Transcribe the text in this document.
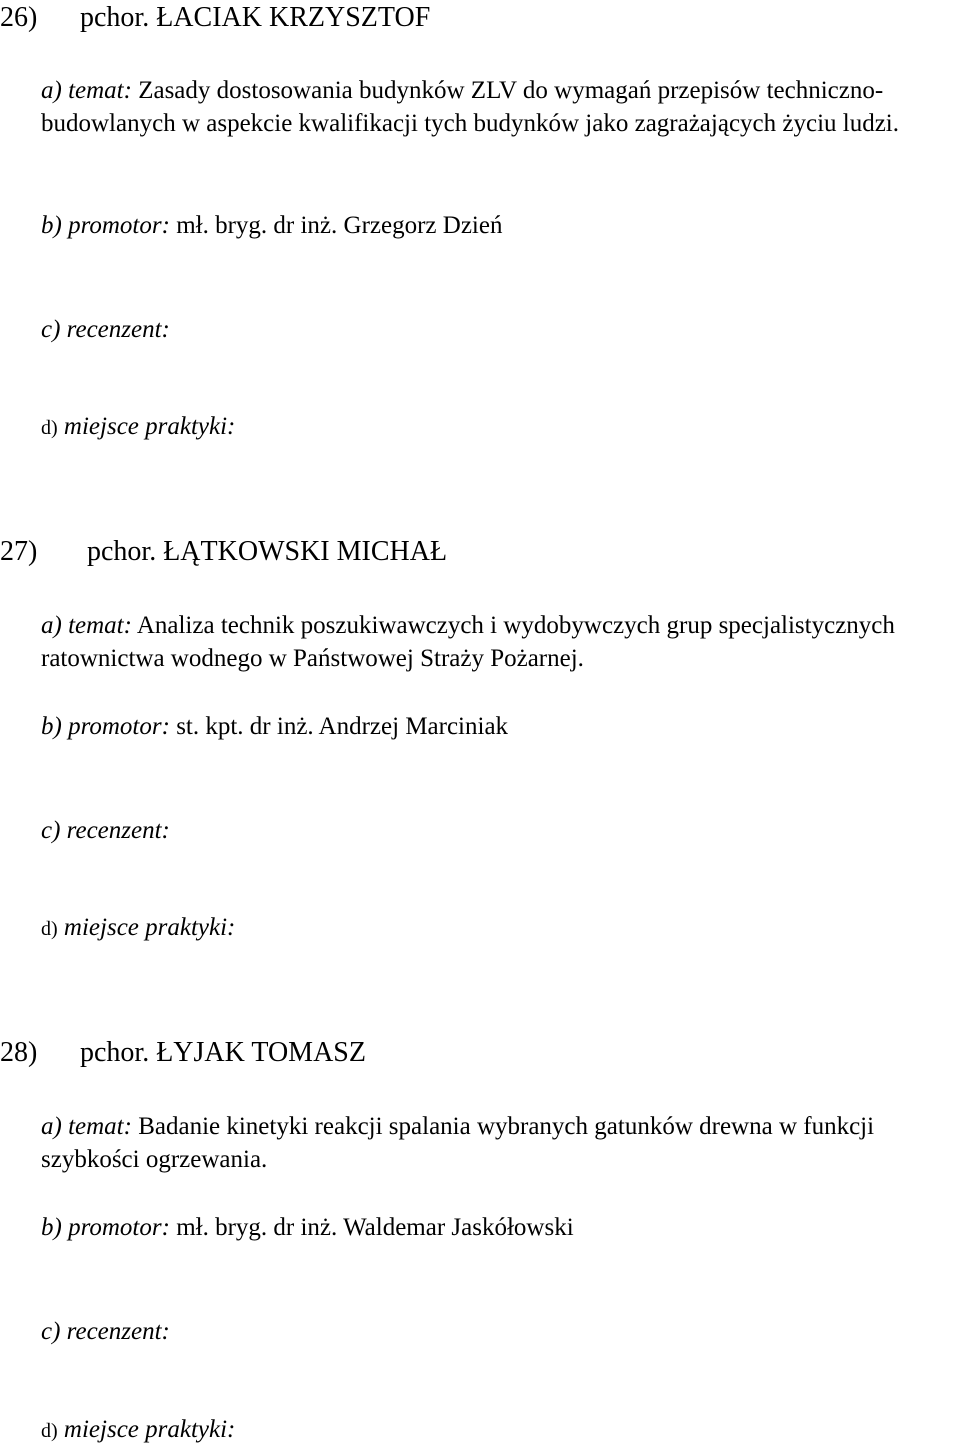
26) pchor. ŁACIAK KRZYSZTOF
a) temat: Zasady dostosowania budynków ZLV do wymagań przepisów techniczno-budowlanych w aspekcie kwalifikacji tych budynków jako zagrażających życiu ludzi.
b) promotor: mł. bryg. dr inż. Grzegorz Dzień
c) recenzent:
d) miejsce praktyki:
27) pchor. ŁĄTKOWSKI MICHAŁ
a) temat: Analiza technik poszukiwawczych i wydobywczych grup specjalistycznych ratownictwa wodnego w Państwowej Straży Pożarnej.
b) promotor: st. kpt. dr inż. Andrzej Marciniak
c) recenzent:
d) miejsce praktyki:
28) pchor. ŁYJAK TOMASZ
a) temat: Badanie kinetyki reakcji spalania wybranych gatunków drewna w funkcji szybkości ogrzewania.
b) promotor: mł. bryg. dr inż. Waldemar Jaskółowski
c) recenzent:
d) miejsce praktyki:
